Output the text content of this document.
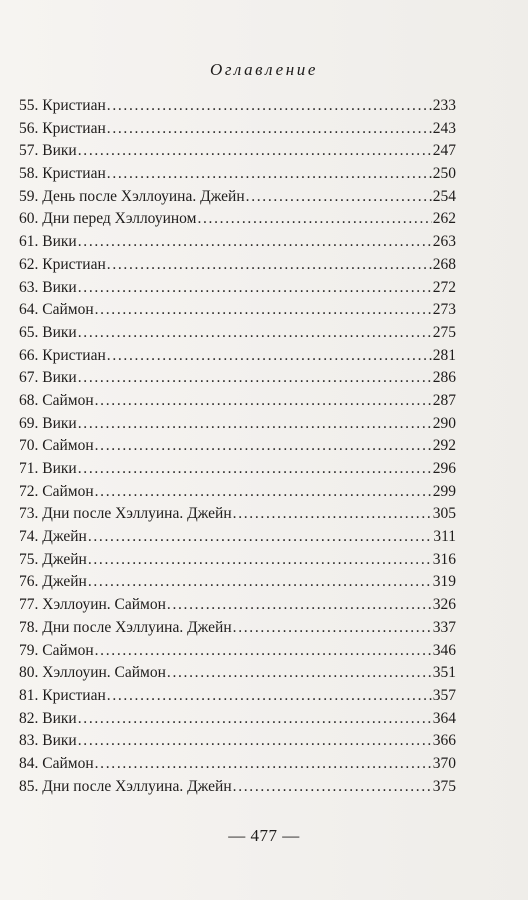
Оглавление
55. Кристиан . . .	233
56. Кристиан . . .	243
57. Вики . . .	247
58. Кристиан . . .	250
59. День после Хэллоуина. Джейн . . .	254
60. Дни перед Хэллоуином . . .	262
61. Вики . . .	263
62. Кристиан . . .	268
63. Вики . . .	272
64. Саймон . . .	273
65. Вики . . .	275
66. Кристиан . . .	281
67. Вики . . .	286
68. Саймон . . .	287
69. Вики . . .	290
70. Саймон . . .	292
71. Вики . . .	296
72. Саймон . . .	299
73. Дни после Хэллуина. Джейн . . .	305
74. Джейн . . .	311
75. Джейн . . .	316
76. Джейн . . .	319
77. Хэллоуин. Саймон . . .	326
78. Дни после Хэллуина. Джейн . . .	337
79. Саймон . . .	346
80. Хэллоуин. Саймон . . .	351
81. Кристиан . . .	357
82. Вики . . .	364
83. Вики . . .	366
84. Саймон . . .	370
85. Дни после Хэллуина. Джейн . . .	375
— 477 —
